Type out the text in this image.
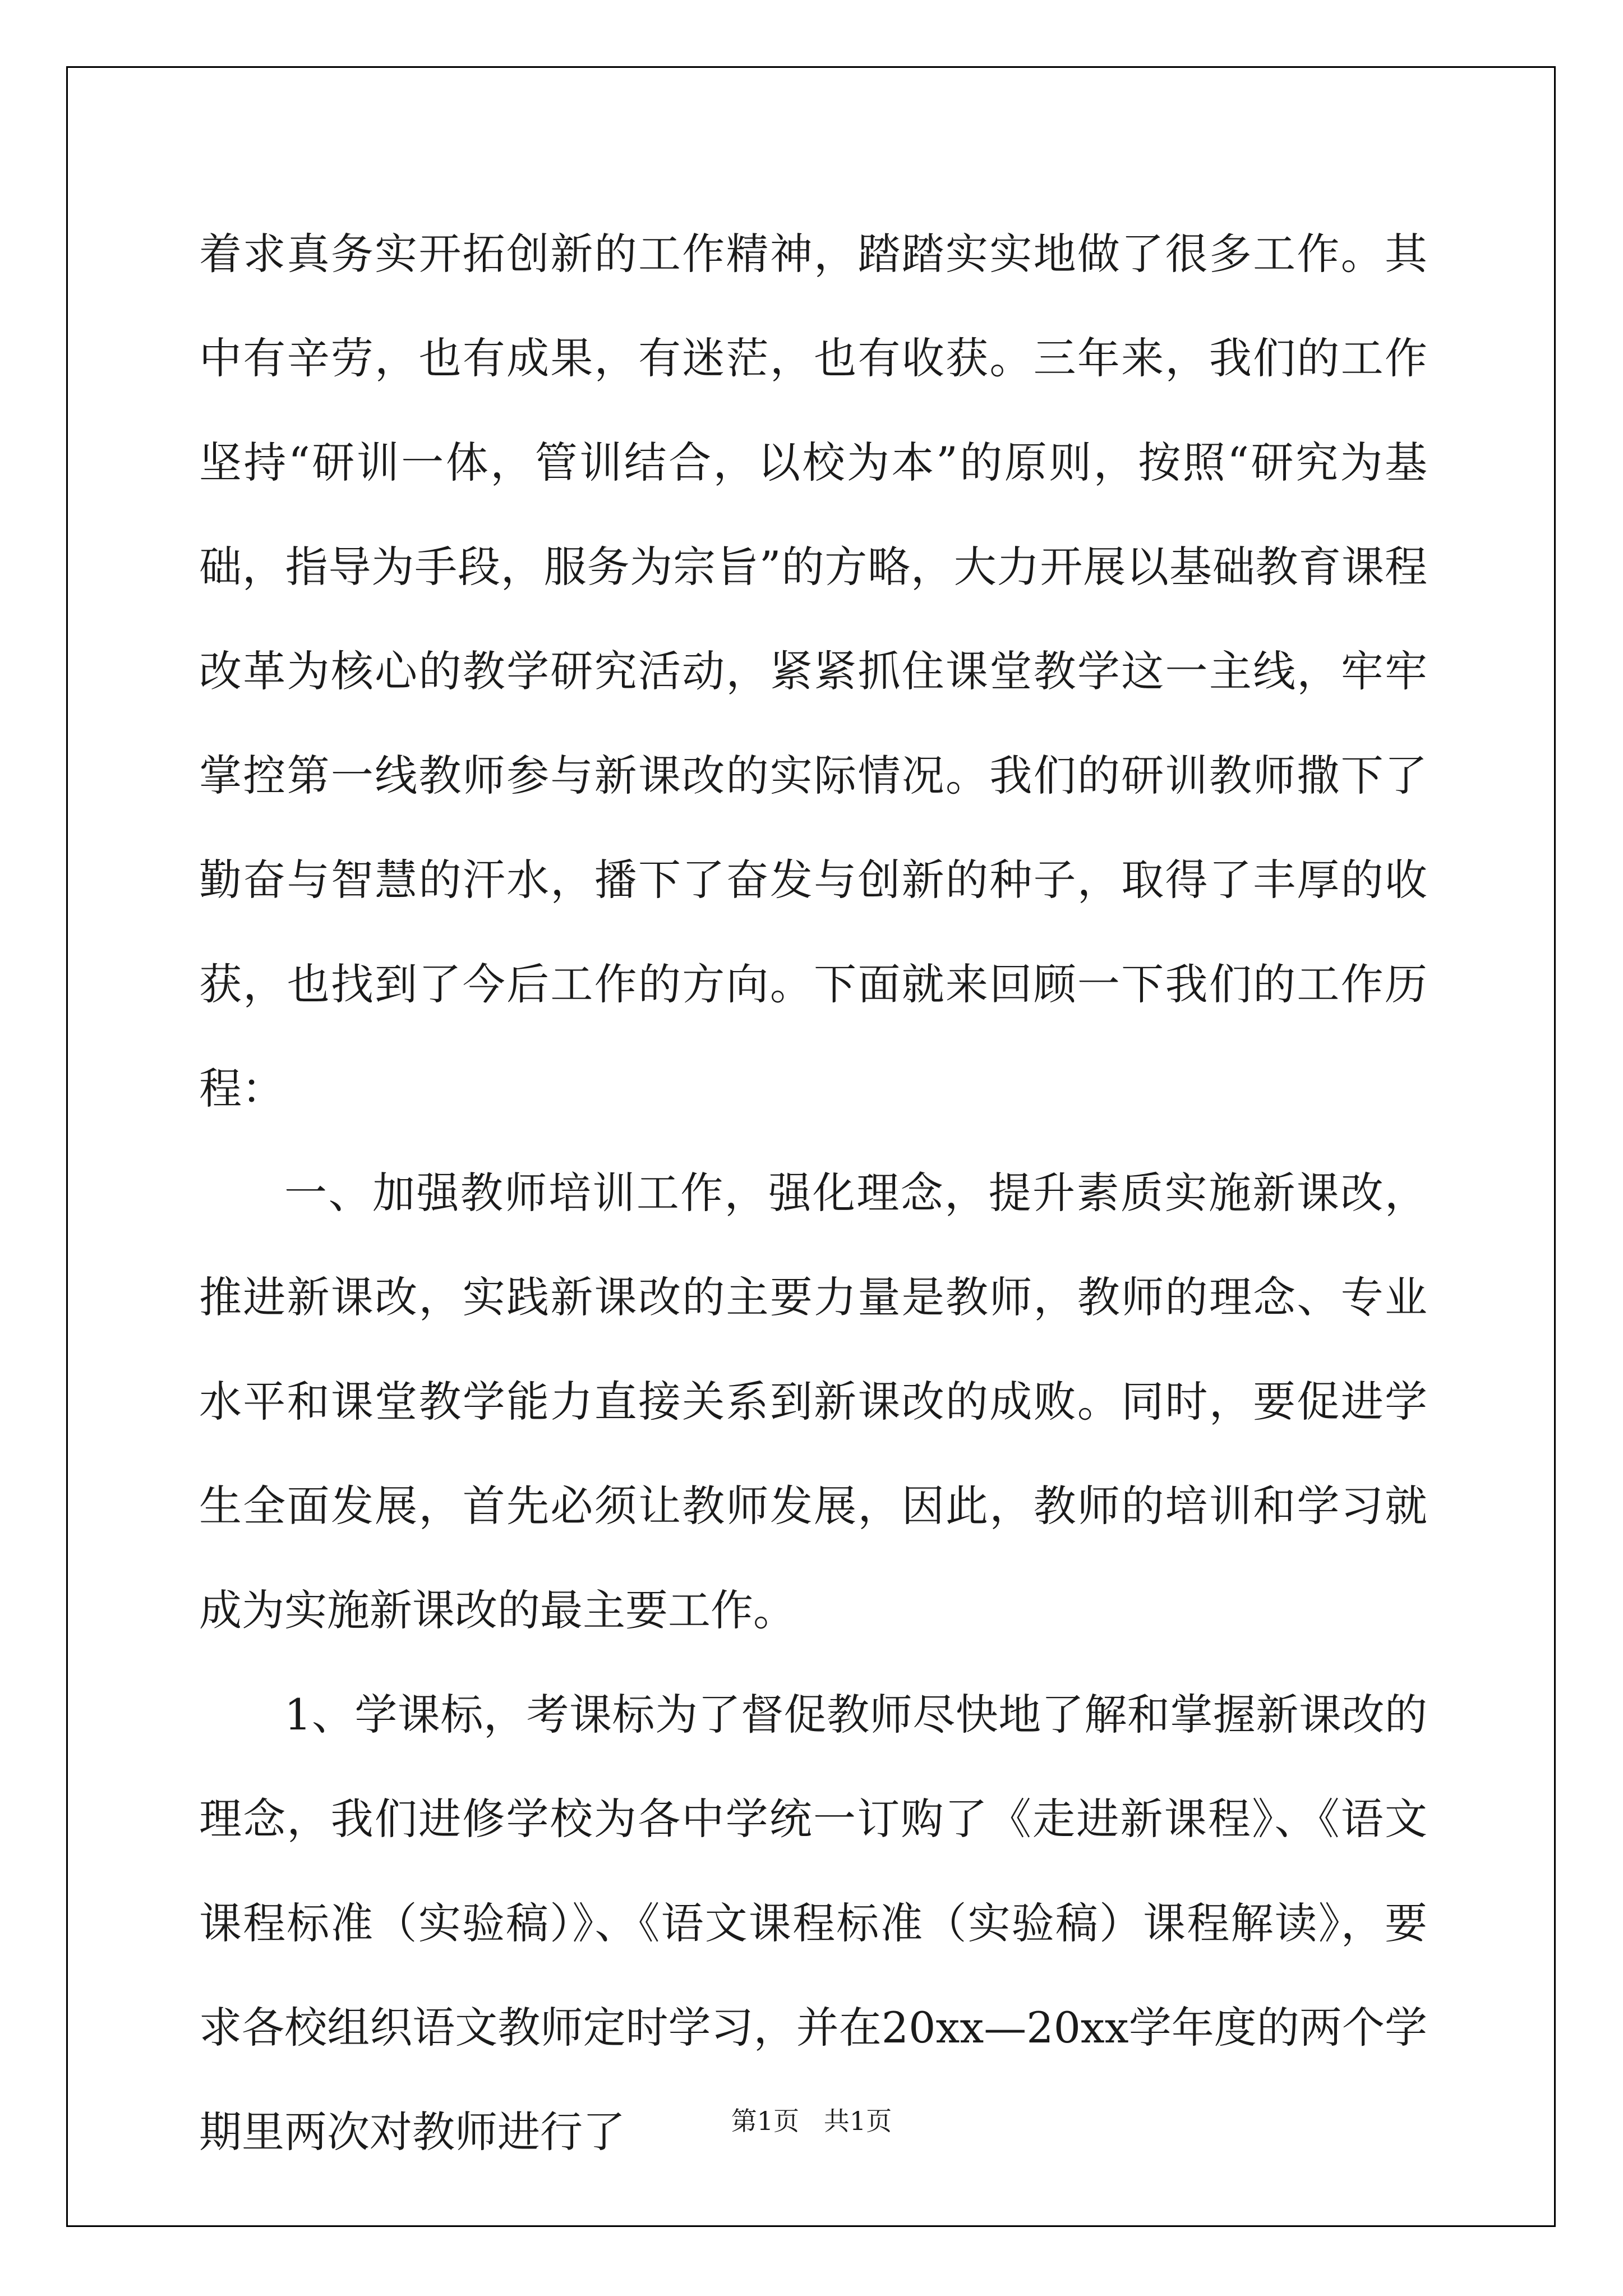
着求真务实开拓创新的工作精神，踏踏实实地做了很多工作。其中有辛劳，也有成果，有迷茫，也有收获。三年来，我们的工作坚持“研训一体，管训结合，以校为本”的原则，按照“研究为基础，指导为手段，服务为宗旨”的方略，大力开展以基础教育课程改革为核心的教学研究活动，紧紧抓住课堂教学这一主线，牢牢掌控第一线教师参与新课改的实际情况。我们的研训教师撒下了勤奋与智慧的汗水，播下了奋发与创新的种子，取得了丰厚的收获，也找到了今后工作的方向。下面就来回顾一下我们的工作历程：

一、加强教师培训工作，强化理念，提升素质实施新课改，推进新课改，实践新课改的主要力量是教师，教师的理念、专业水平和课堂教学能力直接关系到新课改的成败。同时，要促进学生全面发展，首先必须让教师发展，因此，教师的培训和学习就成为实施新课改的最主要工作。

1、学课标，考课标为了督促教师尽快地了解和掌握新课改的理念，我们进修学校为各中学统一订购了《走进新课程》、《语文课程标准（实验稿）》、《语文课程标准（实验稿）课程解读》，要求各校组织语文教师定时学习，并在20xx—20xx学年度的两个学期里两次对教师进行了	第1页   共1页
